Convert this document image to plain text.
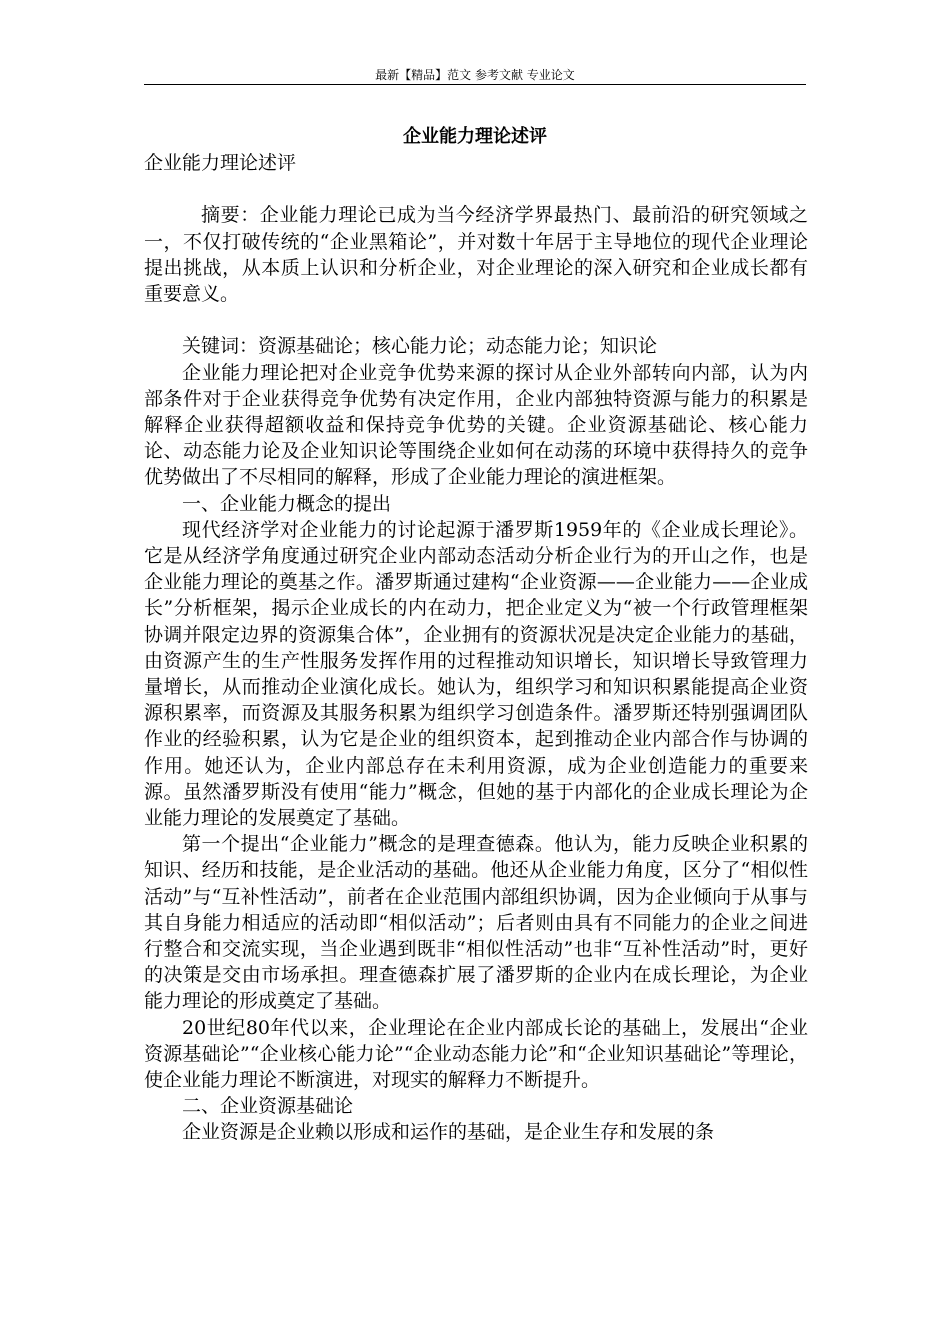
最新【精品】范文 参考文献 专业论文
企业能力理论述评

企业能力理论述评

摘要：企业能力理论已成为当今经济学界最热门、最前沿的研究领域之一，不仅打破传统的“企业黑箱论”，并对数十年居于主导地位的现代企业理论提出挑战，从本质上认识和分析企业，对企业理论的深入研究和企业成长都有重要意义。

关键词：资源基础论；核心能力论；动态能力论；知识论

企业能力理论把对企业竞争优势来源的探讨从企业外部转向内部，认为内部条件对于企业获得竞争优势有决定作用，企业内部独特资源与能力的积累是解释企业获得超额收益和保持竞争优势的关键。企业资源基础论、核心能力论、动态能力论及企业知识论等围绕企业如何在动荡的环境中获得持久的竞争优势做出了不尽相同的解释，形成了企业能力理论的演进框架。

一、企业能力概念的提出

现代经济学对企业能力的讨论起源于潘罗斯1959年的《企业成长理论》。它是从经济学角度通过研究企业内部动态活动分析企业行为的开山之作，也是企业能力理论的奠基之作。潘罗斯通过建构“企业资源——企业能力——企业成长”分析框架，揭示企业成长的内在动力，把企业定义为“被一个行政管理框架协调并限定边界的资源集合体”，企业拥有的资源状况是决定企业能力的基础，由资源产生的生产性服务发挥作用的过程推动知识增长，知识增长导致管理力量增长，从而推动企业演化成长。她认为，组织学习和知识积累能提高企业资源积累率，而资源及其服务积累为组织学习创造条件。潘罗斯还特别强调团队作业的经验积累，认为它是企业的组织资本，起到推动企业内部合作与协调的作用。她还认为，企业内部总存在未利用资源，成为企业创造能力的重要来源。虽然潘罗斯没有使用“能力”概念，但她的基于内部化的企业成长理论为企业能力理论的发展奠定了基础。

第一个提出“企业能力”概念的是理查德森。他认为，能力反映企业积累的知识、经历和技能，是企业活动的基础。他还从企业能力角度，区分了“相似性活动”与“互补性活动”，前者在企业范围内部组织协调，因为企业倾向于从事与其自身能力相适应的活动即“相似活动”；后者则由具有不同能力的企业之间进行整合和交流实现，当企业遇到既非“相似性活动”也非“互补性活动”时，更好的决策是交由市场承担。理查德森扩展了潘罗斯的企业内在成长理论，为企业能力理论的形成奠定了基础。

20世纪80年代以来，企业理论在企业内部成长论的基础上，发展出“企业资源基础论”“企业核心能力论”“企业动态能力论”和“企业知识基础论”等理论，使企业能力理论不断演进，对现实的解释力不断提升。

二、企业资源基础论

企业资源是企业赖以形成和运作的基础，是企业生存和发展的条
